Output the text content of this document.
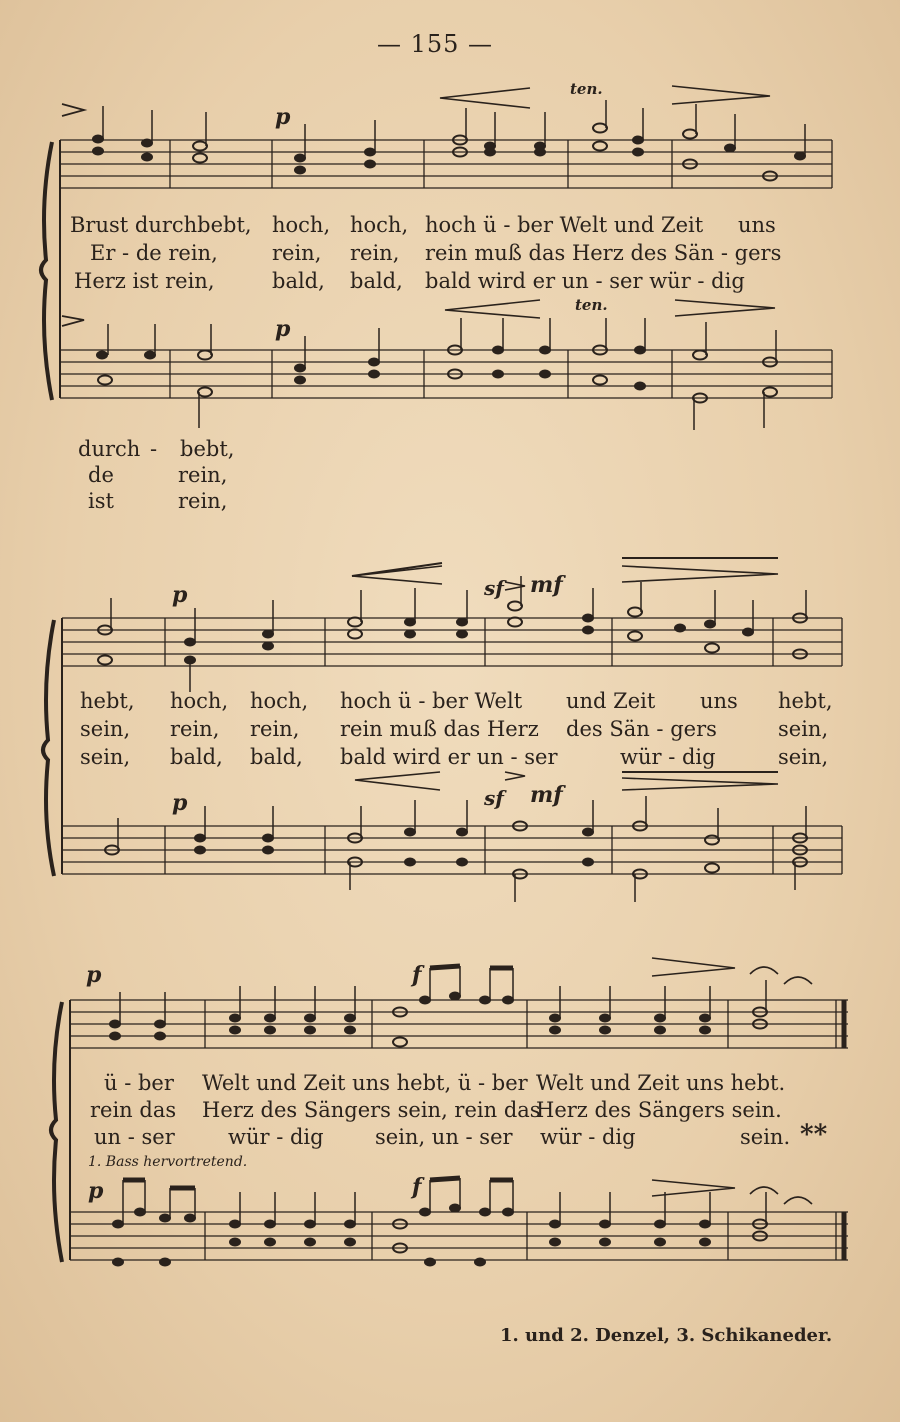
— 155 —
p
ten.
p
ten.
Brust durchbebt, hoch, hoch, hoch ü - ber Welt und Zeit uns
Er - de rein,	rein, rein, rein muß das Herz des Sän - gers
Herz ist rein,	bald, bald, bald wird er un - ser wür - dig
durch - bebt,
de	rein,
ist	rein,
p	sf mf
p	sf mf
hebt, hoch, hoch, hoch ü - ber Welt und Zeit uns hebt,
sein, rein, rein, rein muß das Herz des Sän - gers	sein,
sein, bald, bald, bald wird er un - ser	wür - dig	sein,
p	f
p	f
ü - ber Welt und Zeit uns hebt, ü - ber Welt und Zeit uns hebt.
rein das Herz des Sängers sein, rein das
Herz des Sängers sein.
un - ser	wür - dig sein, un - ser wür - dig	sein. **
1. Bass hervortretend.
1. und 2. Denzel, 3. Schikaneder.
